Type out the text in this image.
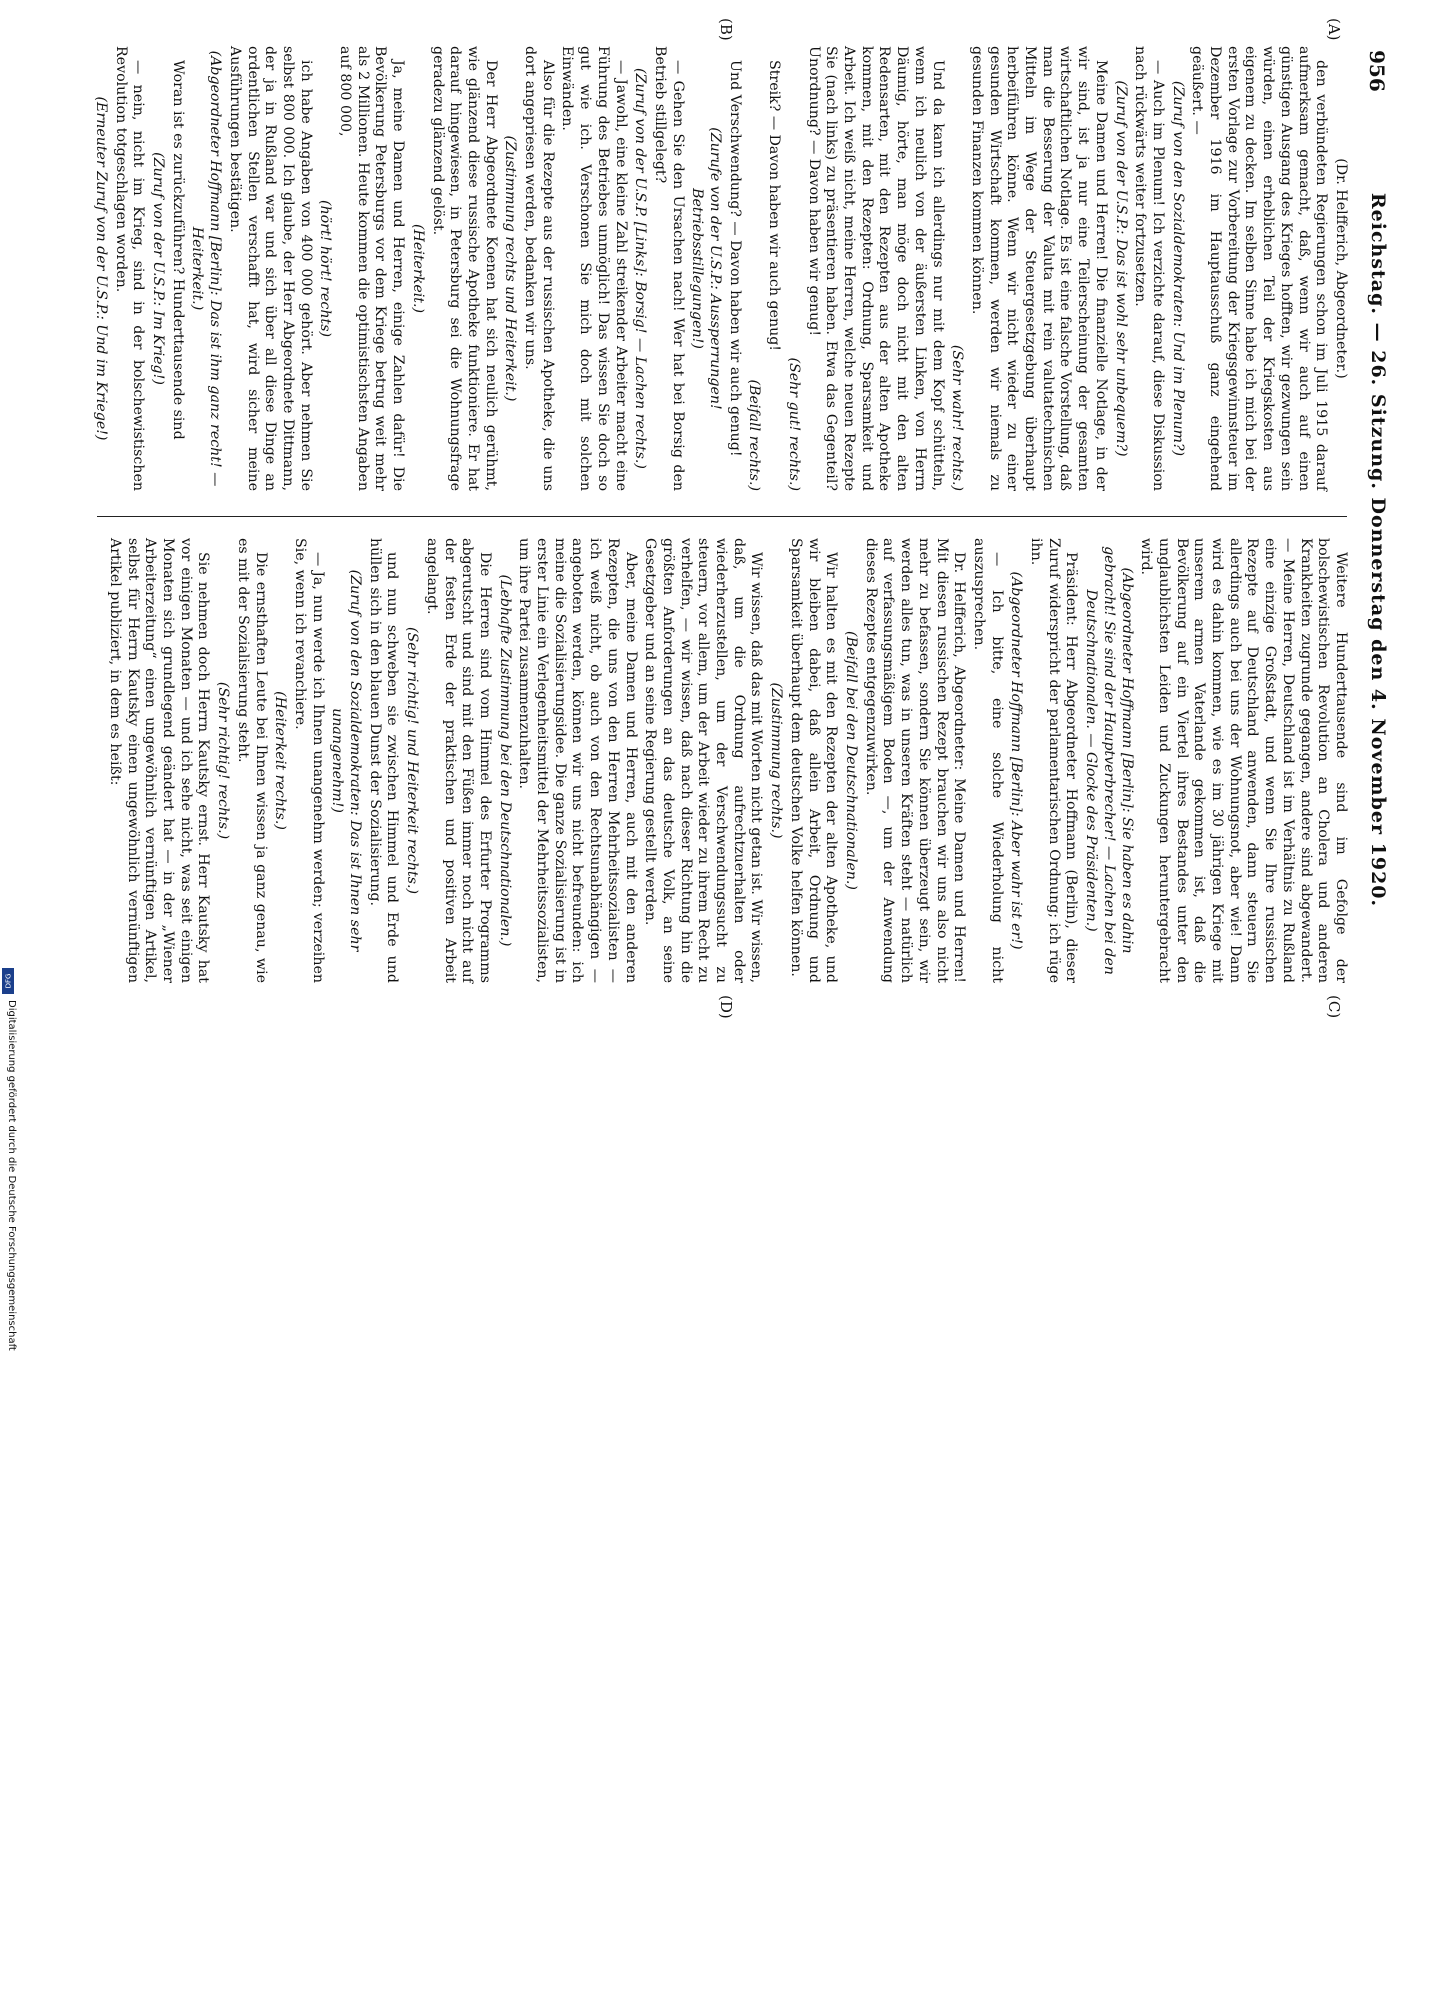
956
Reichstag. — 26. Sitzung. Donnerstag den 4. November 1920.
(A)
(B)
(C)
(D)

(Dr. Helfferich, Abgeordneter.)

den verbündeten Regierungen schon im Juli 1915 darauf aufmerksam gemacht, daß, wenn wir auch auf einen günstigen Ausgang des Krieges hofften, wir gezwungen sein würden, einen erheblichen Teil der Kriegskosten aus eigenem zu decken. Im selben Sinne habe ich mich bei der ersten Vorlage zur Vorbereitung der Kriegsgewinnsteuer im Dezember 1916 im Hauptausschuß ganz eingehend geäußert. —

(Zuruf von den Sozialdemokraten: Und im Plenum?)

— Auch im Plenum! Ich verzichte darauf, diese Diskussion nach rückwärts weiter fortzusetzen.

(Zuruf von der U.S.P.: Das ist wohl sehr unbequem?)

Meine Damen und Herren! Die finanzielle Notlage, in der wir sind, ist ja nur eine Teilerscheinung der gesamten wirtschaftlichen Notlage. Es ist eine falsche Vorstellung, daß man die Besserung der Valuta mit rein valutatechnischen Mitteln im Wege der Steuergesetzgebung überhaupt herbeiführen könne. Wenn wir nicht wieder zu einer gesunden Wirtschaft kommen, werden wir niemals zu gesunden Finanzen kommen können.

(Sehr wahr! rechts.)

Und da kann ich allerdings nur mit dem Kopf schütteln, wenn ich neulich von der äußersten Linken, von Herrn Däumig, hörte, man möge doch nicht mit den alten Redensarten, mit den Rezepten aus der alten Apotheke kommen, mit den Rezepten: Ordnung, Sparsamkeit und Arbeit. Ich weiß nicht, meine Herren, welche neuen Rezepte Sie (nach links) zu präsentieren haben. Etwa das Gegenteil? Unordnung? — Davon haben wir genug!

(Sehr gut! rechts.)

Streik? — Davon haben wir auch genug!

(Beifall rechts.)

Und Verschwendung? — Davon haben wir auch genug!

(Zurufe von der U.S.P.: Aussperrungen! Betriebsstillegungen!)

— Gehen Sie den Ursachen nach! Wer hat bei Borsig den Betrieb stillgelegt?

(Zuruf von der U.S.P. [Links]: Borsig! — Lachen rechts.)

— Jawohl, eine kleine Zahl streikender Arbeiter macht eine Führung des Betriebes unmöglich! Das wissen Sie doch so gut wie ich. Verschonen Sie mich doch mit solchen Einwänden.

Also für die Rezepte aus der russischen Apotheke, die uns dort angepriesen werden, bedanken wir uns.

(Zustimmung rechts und Heiterkeit.)

Der Herr Abgeordnete Koenen hat sich neulich gerühmt, wie glänzend diese russische Apotheke funktioniere. Er hat darauf hingewiesen, in Petersburg sei die Wohnungsfrage geradezu glänzend gelöst.

(Heiterkeit.)

Ja, meine Damen und Herren, einige Zahlen dafür! Die Bevölkerung Petersburgs vor dem Kriege betrug weit mehr als 2 Millionen. Heute kommen die optimistischsten Angaben auf 800 000,

(hört! hört! rechts)

ich habe Angaben von 400 000 gehört. Aber nehmen Sie selbst 800 000. Ich glaube, der Herr Abgeordnete Dittmann, der ja in Rußland war und sich über all diese Dinge an ordentlichen Stellen verschafft hat, wird sicher meine Ausführungen bestätigen.

(Abgeordneter Hoffmann [Berlin]: Das ist ihm ganz recht! — Heiterkeit.)

Woran ist es zurückzuführen? Hunderttausende sind

(Zuruf von der U.S.P.: Im Krieg!)

— nein, nicht im Krieg, sind in der bolschewistischen Revolution totgeschlagen worden.

(Erneuter Zuruf von der U.S.P.: Und im Kriege!)

Weitere Hunderttausende sind im Gefolge der bolschewistischen Revolution an Cholera und anderen Krankheiten zugrunde gegangen, andere sind abgewandert. — Meine Herren, Deutschland ist im Verhältnis zu Rußland eine einzige Großstadt, und wenn Sie Ihre russischen Rezepte auf Deutschland anwenden, dann steuern Sie allerdings auch bei uns der Wohnungsnot, aber wie! Dann wird es dahin kommen, wie es im 30 jährigen Kriege mit unserem armen Vaterlande gekommen ist, daß die Bevölkerung auf ein Viertel ihres Bestandes unter den unglaublichsten Leiden und Zuckungen heruntergebracht wird.

(Abgeordneter Hoffmann [Berlin]: Sie haben es dahin gebracht! Sie sind der Hauptverbrecher! — Lachen bei den Deutschnationalen. — Glocke des Präsidenten.)

Präsident: Herr Abgeordneter Hoffmann (Berlin), dieser Zuruf widerspricht der parlamentarischen Ordnung; ich rüge ihn.

(Abgeordneter Hoffmann [Berlin]: Aber wahr ist er!)

— Ich bitte, eine solche Wiederholung nicht auszusprechen.

Dr. Helfferich, Abgeordneter: Meine Damen und Herren! Mit diesen russischen Rezept brauchen wir uns also nicht mehr zu befassen, sondern Sie können überzeugt sein, wir werden alles tun, was in unseren Kräften steht — natürlich auf verfassungsmäßigem Boden —, um der Anwendung dieses Rezeptes entgegenzuwirken.

(Beifall bei den Deutschnationalen.)

Wir halten es mit den Rezepten der alten Apotheke, und wir bleiben dabei, daß allein Arbeit, Ordnung und Sparsamkeit überhaupt dem deutschen Volke helfen können.

(Zustimmung rechts.)

Wir wissen, daß das mit Worten nicht getan ist. Wir wissen, daß, um die Ordnung aufrechtzuerhalten oder wiederherzustellen, um der Verschwendungssucht zu steuern, vor allem, um der Arbeit wieder zu ihrem Recht zu verhelfen, — wir wissen, daß nach dieser Richtung hin die größten Anforderungen an das deutsche Volk, an seine Gesetzgeber und an seine Regierung gestellt werden.

Aber, meine Damen und Herren, auch mit den anderen Rezepten, die uns von den Herren Mehrheitssozialisten — ich weiß nicht, ob auch von den Rechtsunabhängigen — angeboten werden, können wir uns nicht befreunden: ich meine die Sozialisierungsidee. Die ganze Sozialisierung ist in erster Linie ein Verlegenheitsmittel der Mehrheitssozialisten, um ihre Partei zusammenzuhalten.

(Lebhafte Zustimmung bei den Deutschnationalen.)

Die Herren sind vom Himmel des Erfurter Programms abgerutscht und sind mit den Füßen immer noch nicht auf der festen Erde der praktischen und positiven Arbeit angelangt.

(Sehr richtig! und Heiterkeit rechts.)

und nun schweben sie zwischen Himmel und Erde und hüllen sich in den blauen Dunst der Sozialisierung.

(Zuruf von den Sozialdemokraten: Das ist Ihnen sehr unangenehm!)

— Ja, nun werde ich Ihnen unangenehm werden; verzeihen Sie, wenn ich revanchiere.

(Heiterkeit rechts.)

Die ernsthaften Leute bei Ihnen wissen ja ganz genau, wie es mit der Sozialisierung steht.

(Sehr richtig! rechts.)

Sie nehmen doch Herrn Kautsky ernst. Herr Kautsky hat vor einigen Monaten — und ich sehe nicht, was seit einigen Monaten sich grundlegend geändert hat — in der „Wiener Arbeiterzeitung“ einen ungewöhnlich vernünftigen Artikel, selbst für Herrn Kautsky einen ungewöhnlich vernünftigen Artikel publiziert, in dem es heißt:

Digitalisierung gefördert durch die Deutsche Forschungsgemeinschaft
DFG
